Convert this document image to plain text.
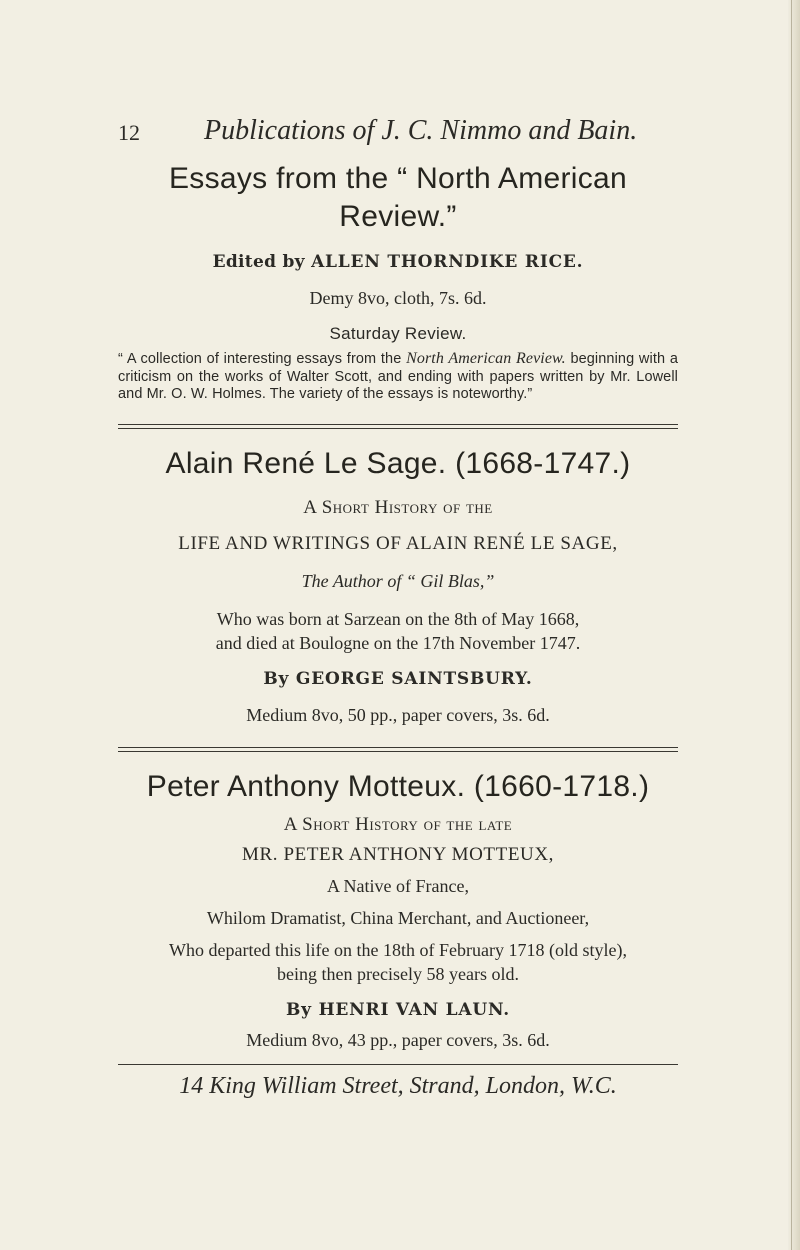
12 Publications of J. C. Nimmo and Bain.
Essays from the “ North American
Review.”
Edited by ALLEN THORNDIKE RICE.
Demy 8vo, cloth, 7s. 6d.
Saturday Review.

“ A collection of interesting essays from the North American Review. beginning with a criticism on the works of Walter Scott, and ending with papers written by Mr. Lowell and Mr. O. W. Holmes. The variety of the essays is noteworthy.”

Alain René Le Sage. (1668-1747.)
A Short History of the
LIFE AND WRITINGS OF ALAIN RENÉ LE SAGE,
The Author of “ Gil Blas,”
Who was born at Sarzean on the 8th of May 1668,
and died at Boulogne on the 17th November 1747.
By GEORGE SAINTSBURY.
Medium 8vo, 50 pp., paper covers, 3s. 6d.
Peter Anthony Motteux. (1660-1718.)
A Short History of the late
MR. PETER ANTHONY MOTTEUX,
A Native of France,
Whilom Dramatist, China Merchant, and Auctioneer,
Who departed this life on the 18th of February 1718 (old style),
being then precisely 58 years old.
By HENRI VAN LAUN.
Medium 8vo, 43 pp., paper covers, 3s. 6d.
14 King William Street, Strand, London, W.C.
